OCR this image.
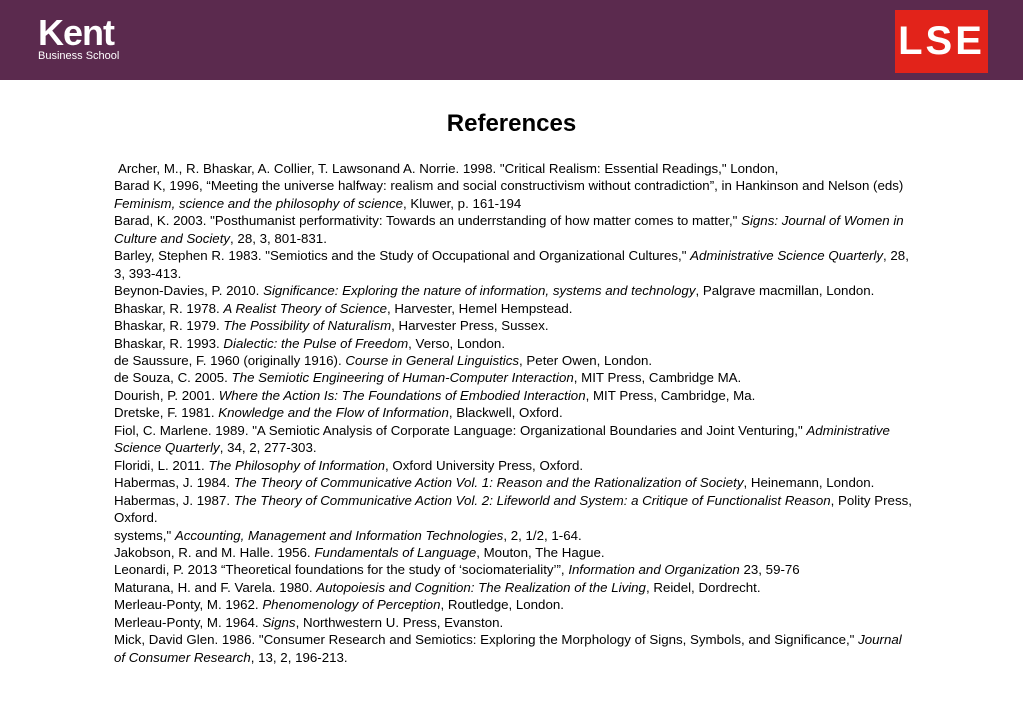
Kent
Business School	LSE
References

Archer, M., R. Bhaskar, A. Collier, T. Lawsonand A. Norrie. 1998. "Critical Realism: Essential Readings," London,

Barad K, 1996, “Meeting the universe halfway: realism and social constructivism without contradiction”, in Hankinson and Nelson (eds) Feminism, science and the philosophy of science, Kluwer, p. 161-194

Barad, K. 2003. "Posthumanist performativity: Towards an underrstanding of how matter comes to matter," Signs: Journal of Women in Culture and Society, 28, 3, 801-831.

Barley, Stephen R. 1983. "Semiotics and the Study of Occupational and Organizational Cultures," Administrative Science Quarterly, 28, 3, 393-413.

Beynon-Davies, P. 2010. Significance: Exploring the nature of information, systems and technology, Palgrave macmillan, London.

Bhaskar, R. 1978. A Realist Theory of Science, Harvester, Hemel Hempstead.

Bhaskar, R. 1979. The Possibility of Naturalism, Harvester Press, Sussex.

Bhaskar, R. 1993. Dialectic: the Pulse of Freedom, Verso, London.

de Saussure, F. 1960 (originally 1916). Course in General Linguistics, Peter Owen, London.

de Souza, C. 2005. The Semiotic Engineering of Human-Computer Interaction, MIT Press, Cambridge MA.

Dourish, P. 2001. Where the Action Is: The Foundations of Embodied Interaction, MIT Press, Cambridge, Ma.

Dretske, F. 1981. Knowledge and the Flow of Information, Blackwell, Oxford.

Fiol, C. Marlene. 1989. "A Semiotic Analysis of Corporate Language: Organizational Boundaries and Joint Venturing," Administrative Science Quarterly, 34, 2, 277-303.

Floridi, L. 2011. The Philosophy of Information, Oxford University Press, Oxford.

Habermas, J. 1984. The Theory of Communicative Action Vol. 1: Reason and the Rationalization of Society, Heinemann, London.

Habermas, J. 1987. The Theory of Communicative Action Vol. 2: Lifeworld and System: a Critique of Functionalist Reason, Polity Press, Oxford.

systems," Accounting, Management and Information Technologies, 2, 1/2, 1-64.

Jakobson, R. and M. Halle. 1956. Fundamentals of Language, Mouton, The Hague.

Leonardi, P. 2013 “Theoretical foundations for the study of ‘sociomateriality’”, Information and Organization 23, 59-76

Maturana, H. and F. Varela. 1980. Autopoiesis and Cognition: The Realization of the Living, Reidel, Dordrecht.

Merleau-Ponty, M. 1962. Phenomenology of Perception, Routledge, London.

Merleau-Ponty, M. 1964. Signs, Northwestern U. Press, Evanston.

Mick, David Glen. 1986. "Consumer Research and Semiotics: Exploring the Morphology of Signs, Symbols, and Significance," Journal of Consumer Research, 13, 2, 196-213.
